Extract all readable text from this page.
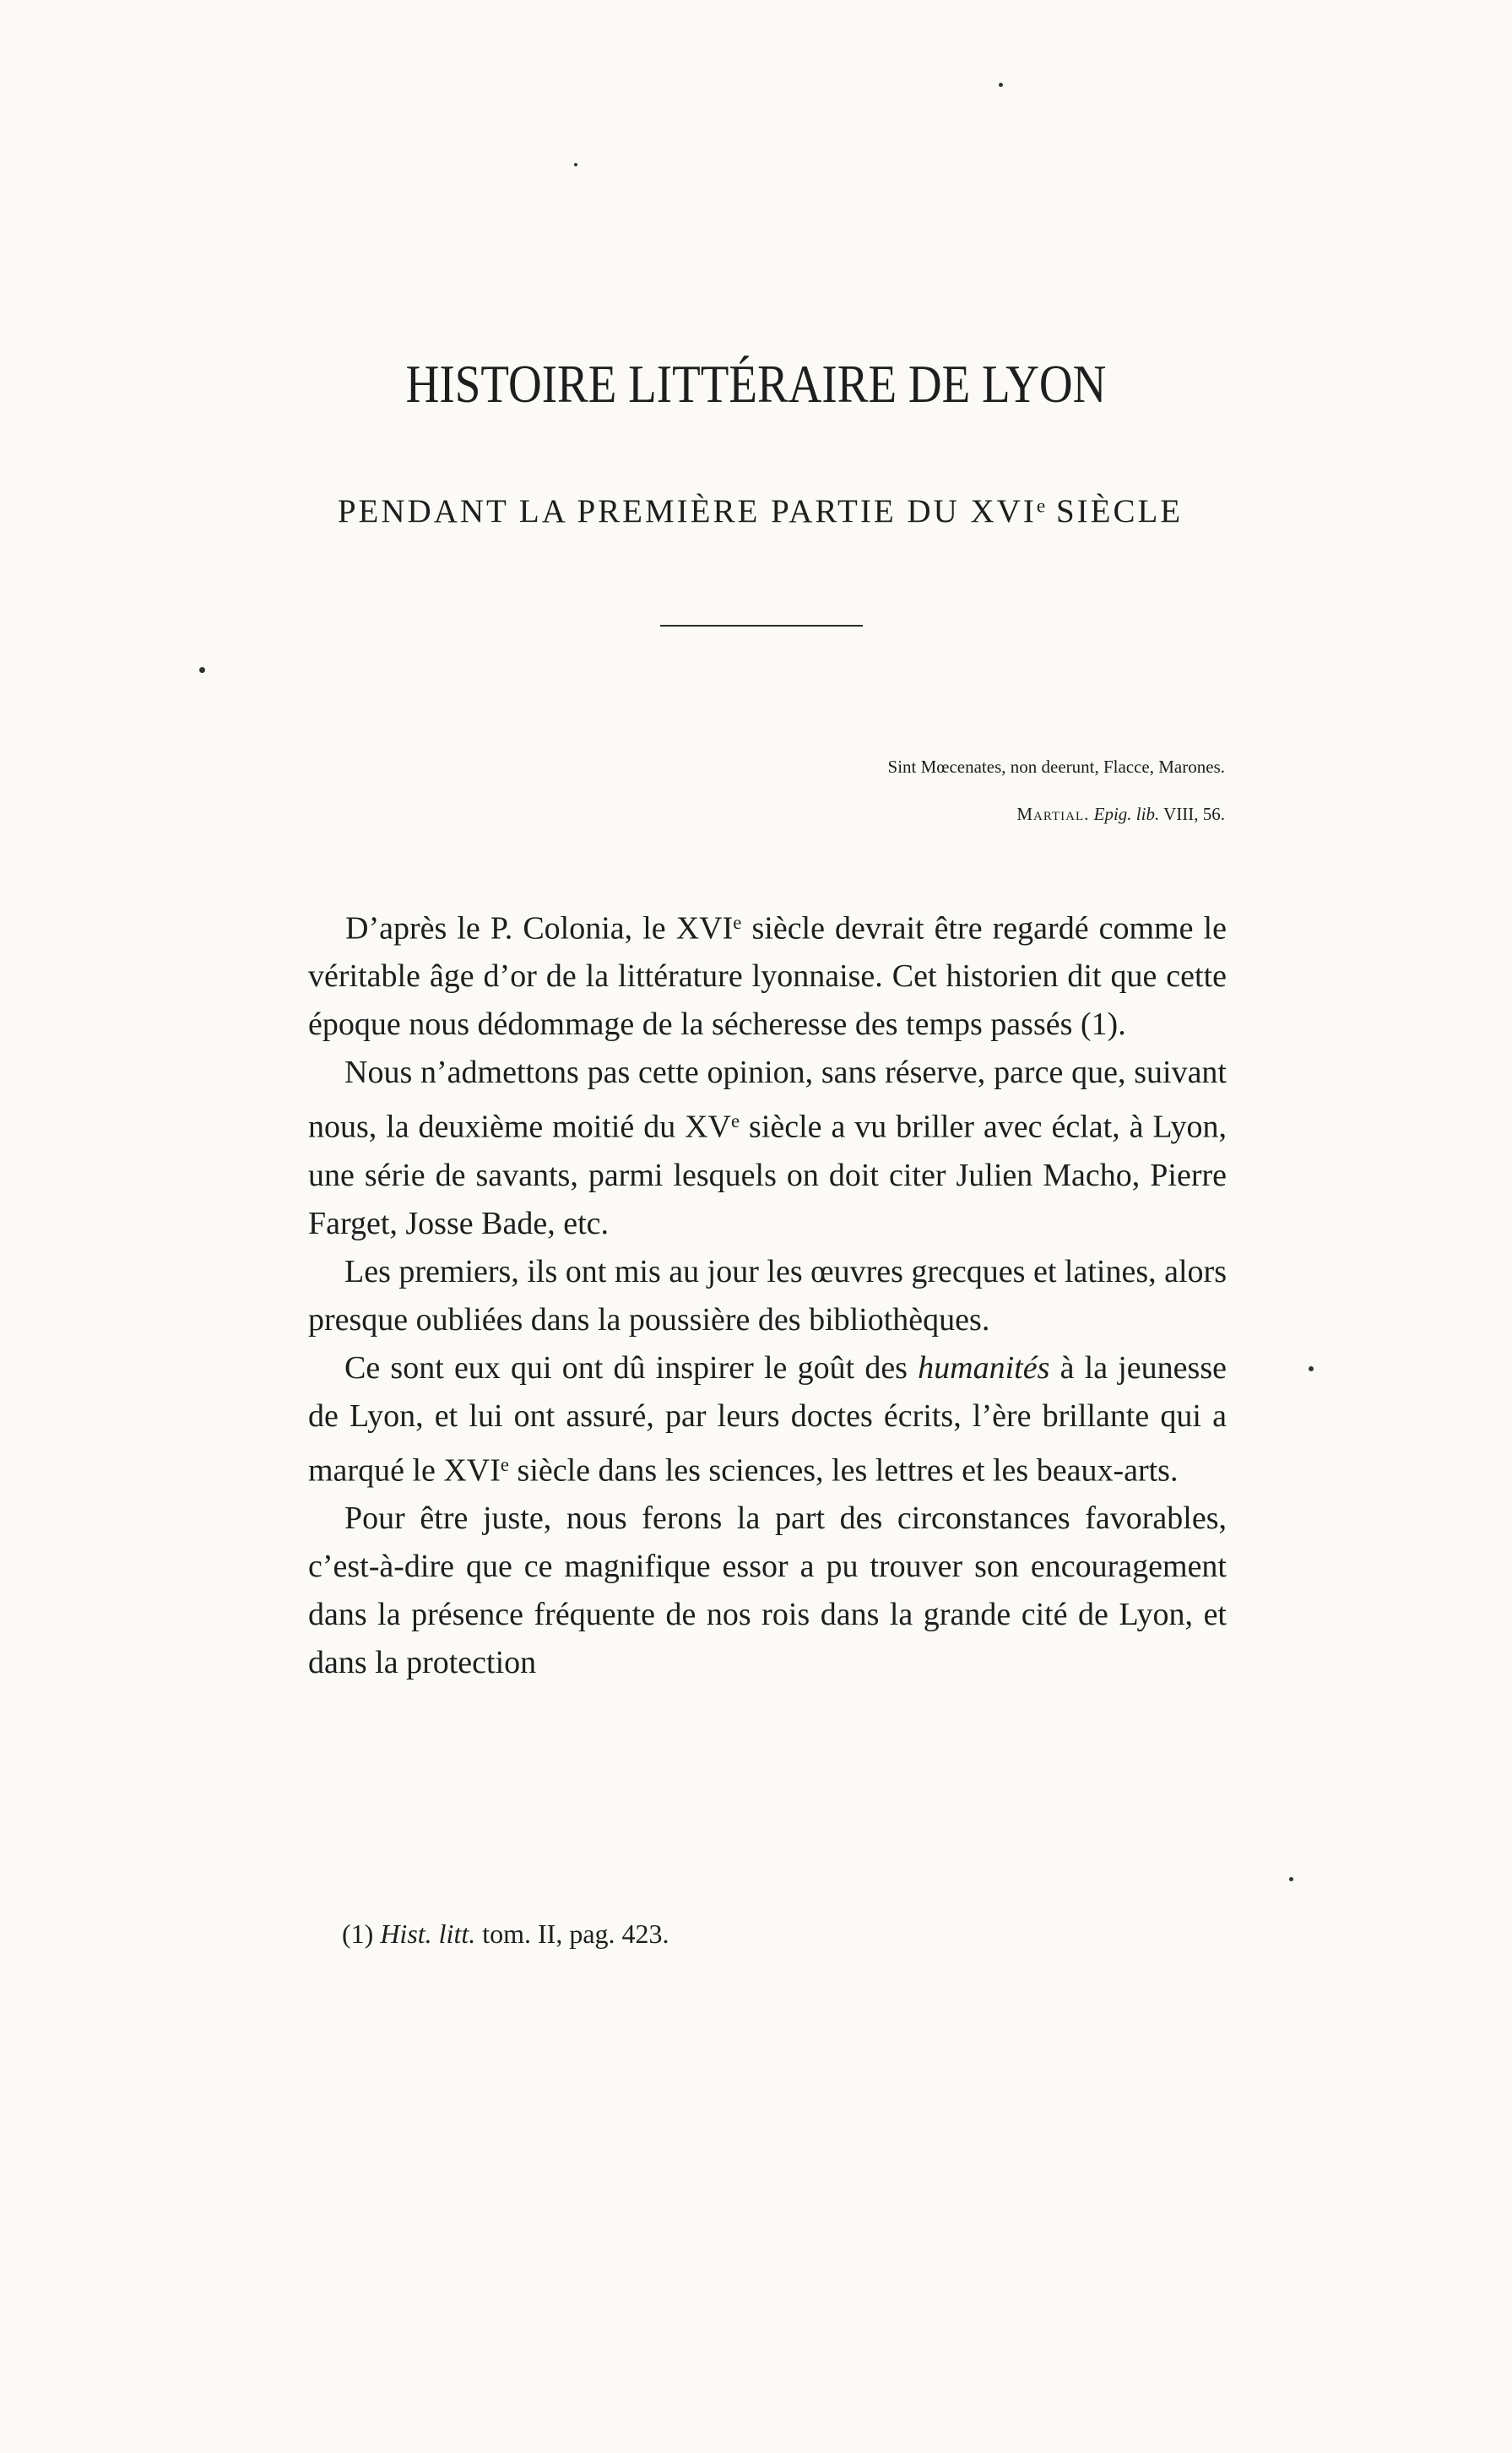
HISTOIRE LITTÉRAIRE DE LYON
PENDANT LA PREMIÈRE PARTIE DU XVIe SIÈCLE
Sint Mœcenates, non deerunt, Flacce, Marones.
Martial. Epig. lib. VIII, 56.

D’après le P. Colonia, le XVIe siècle devrait être regardé comme le véritable âge d’or de la littérature lyonnaise. Cet historien dit que cette époque nous dédommage de la sécheresse des temps passés (1).

Nous n’admettons pas cette opinion, sans réserve, parce que, suivant nous, la deuxième moitié du XVe siècle a vu briller avec éclat, à Lyon, une série de savants, parmi lesquels on doit citer Julien Macho, Pierre Farget, Josse Bade, etc.

Les premiers, ils ont mis au jour les œuvres grecques et latines, alors presque oubliées dans la poussière des bibliothèques.

Ce sont eux qui ont dû inspirer le goût des humanités à la jeunesse de Lyon, et lui ont assuré, par leurs doctes écrits, l’ère brillante qui a marqué le XVIe siècle dans les sciences, les lettres et les beaux-arts.

Pour être juste, nous ferons la part des circonstances favorables, c’est-à-dire que ce magnifique essor a pu trouver son encouragement dans la présence fréquente de nos rois dans la grande cité de Lyon, et dans la protection

(1) Hist. litt. tom. II, pag. 423.
